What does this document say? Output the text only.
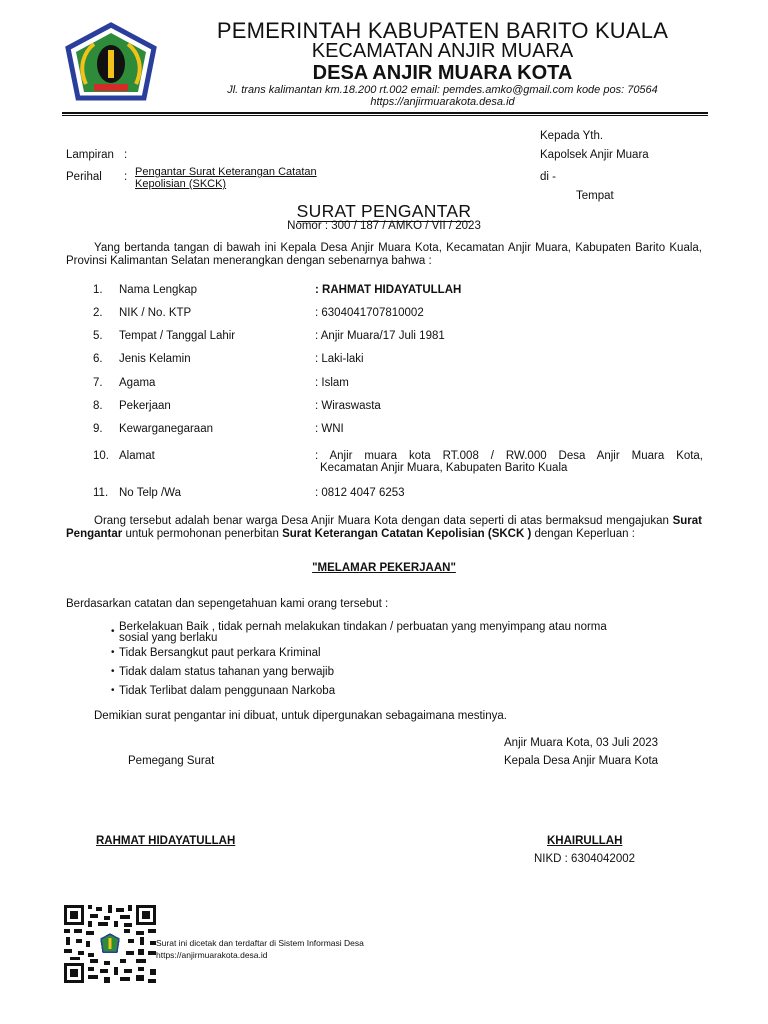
PEMERINTAH KABUPATEN BARITO KUALA
KECAMATAN ANJIR MUARA
DESA ANJIR MUARA KOTA
Jl. trans kalimantan km.18.200 rt.002 email: pemdes.amko@gmail.com kode pos: 70564
https://anjirmuarakota.desa.id
Kepada Yth.
Kapolsek Anjir Muara
di -
Tempat
Lampiran :
Perihal : Pengantar Surat Keterangan Catatan
Kepolisian (SKCK)
SURAT PENGANTAR
Nomor : 300 / 187 / AMKO / VII / 2023
Yang bertanda tangan di bawah ini Kepala Desa Anjir Muara Kota, Kecamatan Anjir Muara, Kabupaten Barito Kuala, Provinsi Kalimantan Selatan menerangkan dengan sebenarnya bahwa :
1.	Nama Lengkap	: RAHMAT HIDAYATULLAH
2.	NIK / No. KTP	: 6304041707810002
5.	Tempat / Tanggal Lahir	: Anjir Muara/17 Juli 1981
6.	Jenis Kelamin	: Laki-laki
7.	Agama	: Islam
8.	Pekerjaan	: Wiraswasta
9.	Kewarganegaraan	: WNI
10. Alamat	: Anjir muara kota RT.008 / RW.000 Desa Anjir Muara Kota,
Kecamatan Anjir Muara, Kabupaten Barito Kuala
11. No Telp /Wa	: 0812 4047 6253
Orang tersebut adalah benar warga Desa Anjir Muara Kota dengan data seperti di atas bermaksud mengajukan Surat Pengantar untuk permohonan penerbitan Surat Keterangan Catatan Kepolisian (SKCK ) dengan Keperluan :
"MELAMAR PEKERJAAN"
Berdasarkan catatan dan sepengetahuan kami orang tersebut :
• Berkelakuan Baik , tidak pernah melakukan tindakan / perbuatan yang menyimpang atau norma
sosial yang berlaku
• Tidak Bersangkut paut perkara Kriminal
• Tidak dalam status tahanan yang berwajib
• Tidak Terlibat dalam penggunaan Narkoba
Demikian surat pengantar ini dibuat, untuk dipergunakan sebagaimana mestinya.
Anjir Muara Kota, 03 Juli 2023
Pemegang Surat	Kepala Desa Anjir Muara Kota
RAHMAT HIDAYATULLAH	KHAIRULLAH
NIKD : 6304042002
Surat ini dicetak dan terdaftar di Sistem Informasi Desa
https://anjirmuarakota.desa.id
